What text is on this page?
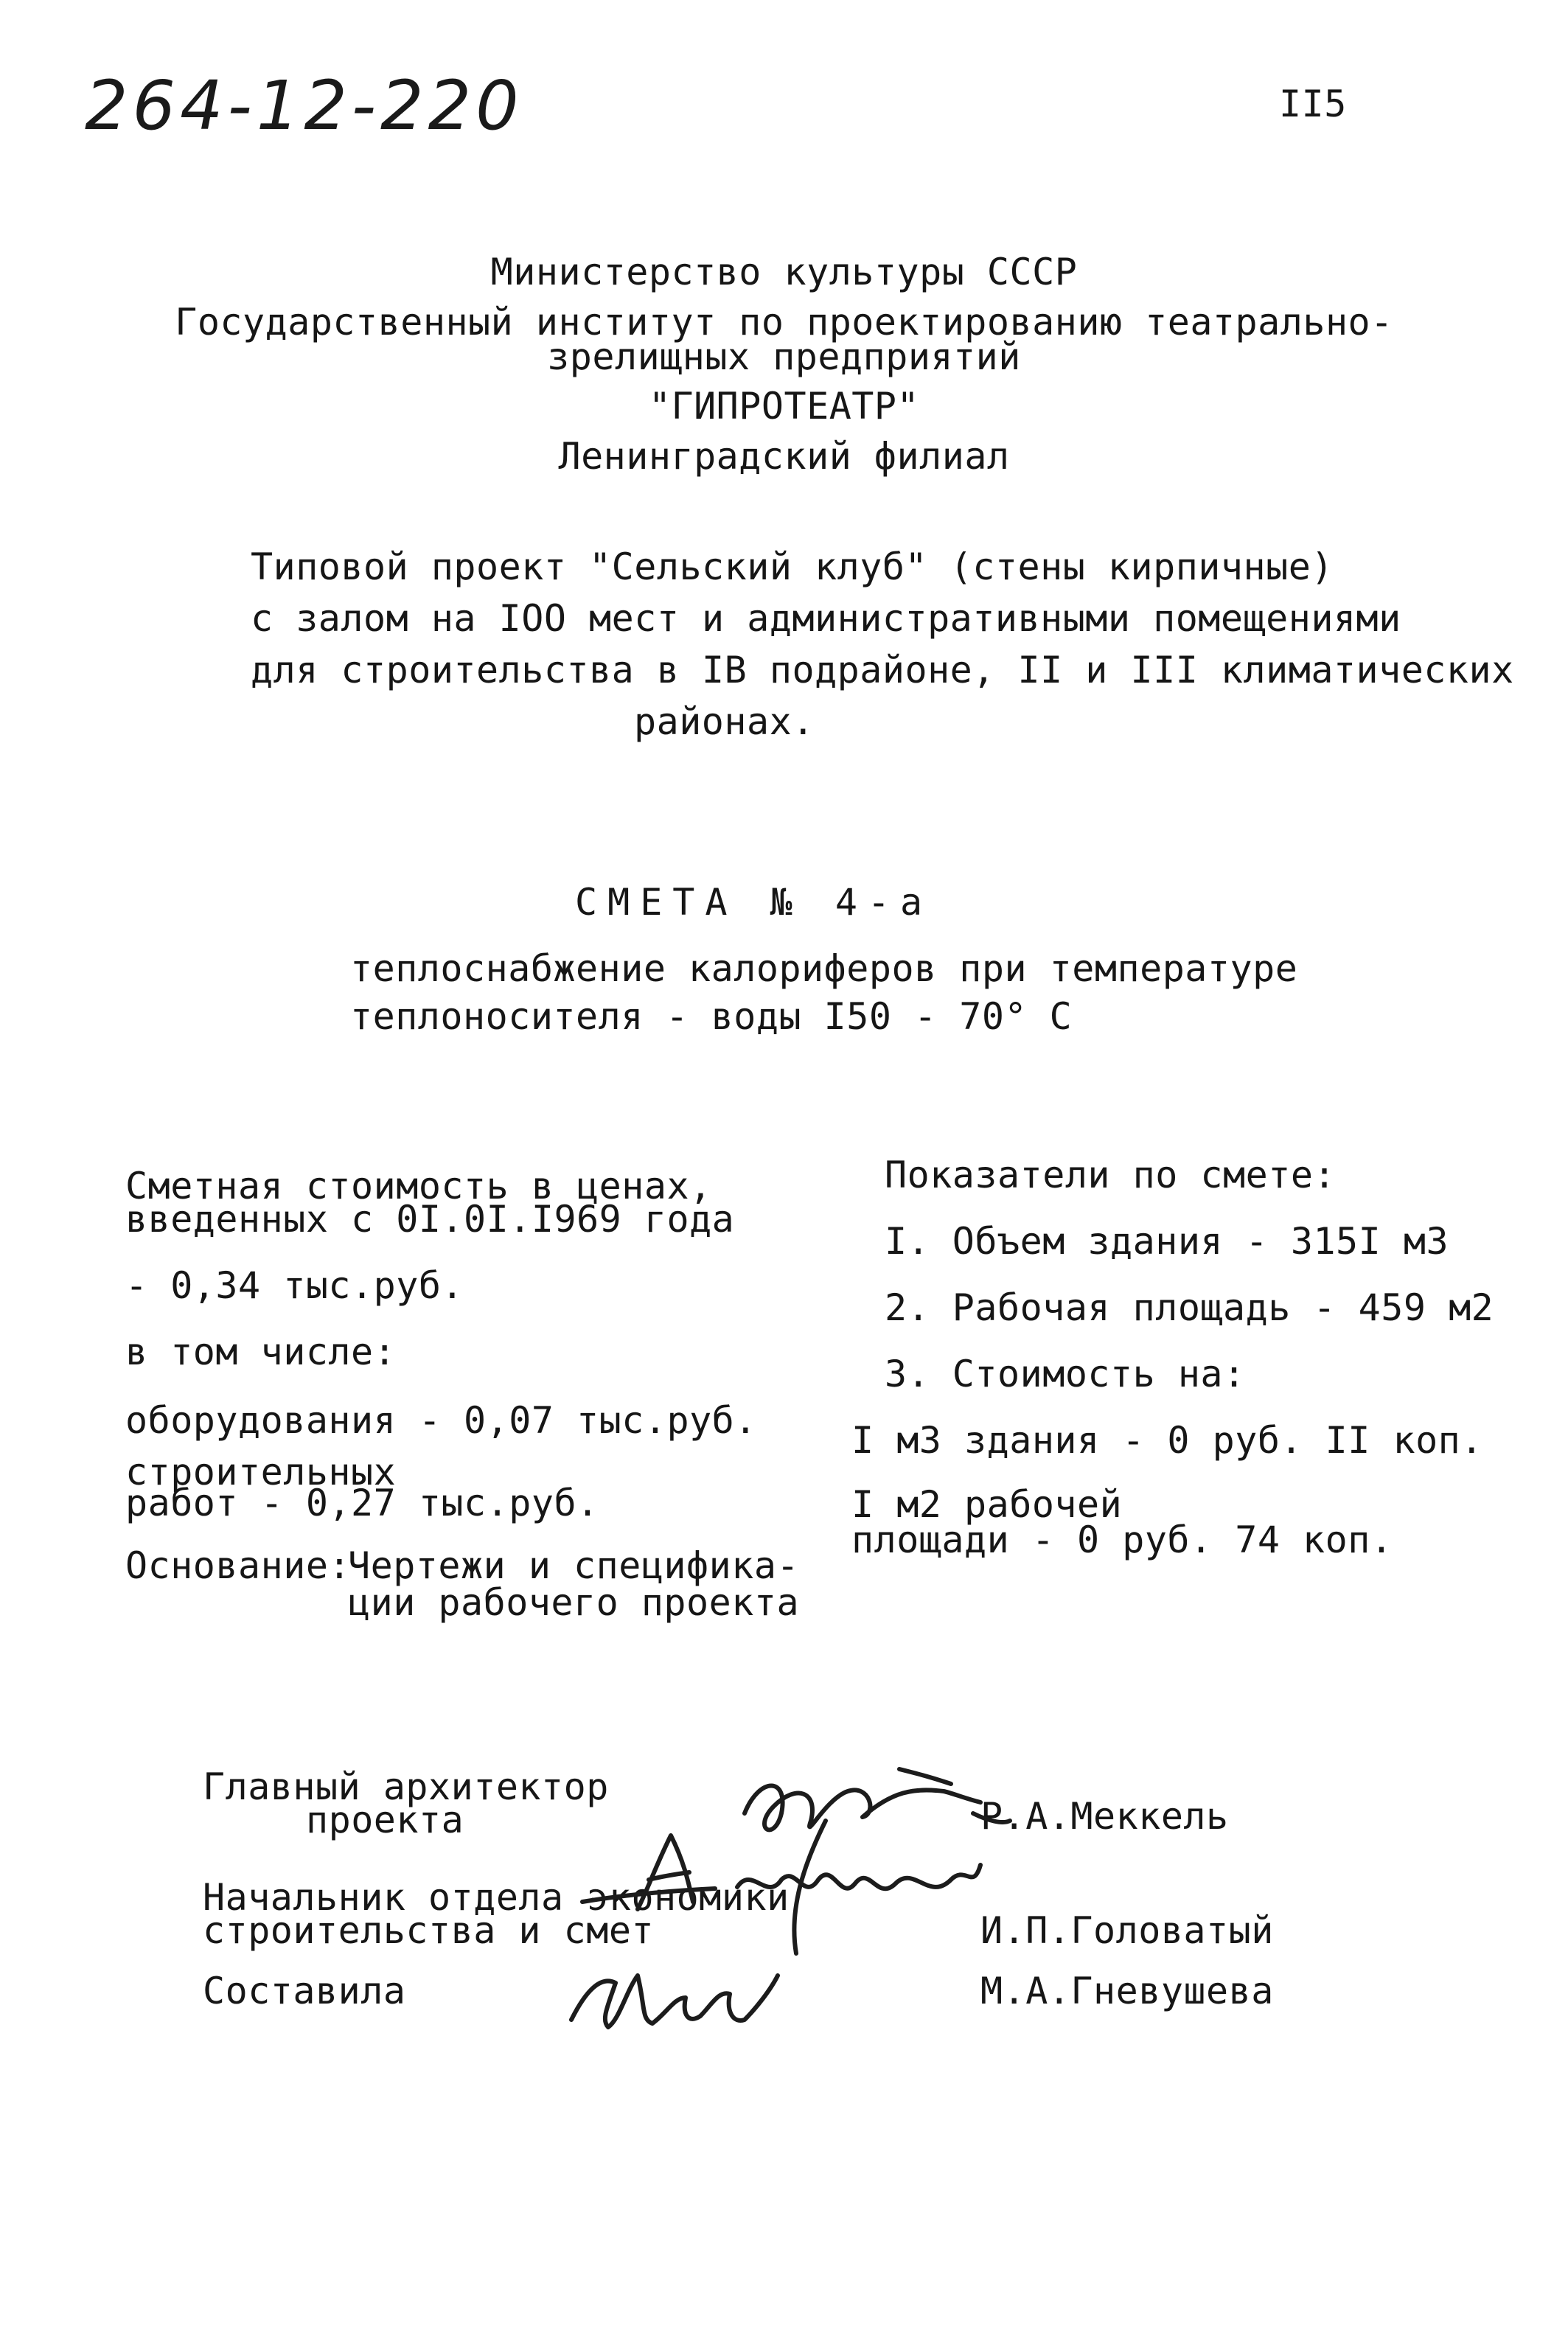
264-12-220	II5
Министерство культуры СССР
Государственный институт по проектированию театрально-
зрелищных предприятий
"ГИПРОТЕАТР"
Ленинградский филиал
Типовой проект "Сельский клуб" (стены кирпичные)
с залом на IOO мест и административными помещениями
для строительства в IB подрайоне, II и III климатических
районах.
СМЕТА № 4-а
теплоснабжение калориферов при температуре
теплоносителя - воды I50 - 70° С
Сметная стоимость в ценах,
введенных с 0I.0I.I969 года
- 0,34 тыс.руб.
в том числе:
оборудования - 0,07 тыс.руб.
строительных
работ - 0,27 тыс.руб.
Основание:
Чертежи и специфика-
ции рабочего проекта
Показатели по смете:
I. Объем здания - 315I м3
2. Рабочая площадь - 459 м2
3. Стоимость на:
I м3 здания - 0 руб. II коп.
I м2 рабочей
площади - 0 руб. 74 коп.
Главный архитектор
проекта	Р.А.Меккель
Начальник отдела экономики
строительства и смет	И.П.Головатый
Составила	М.А.Гневушева
